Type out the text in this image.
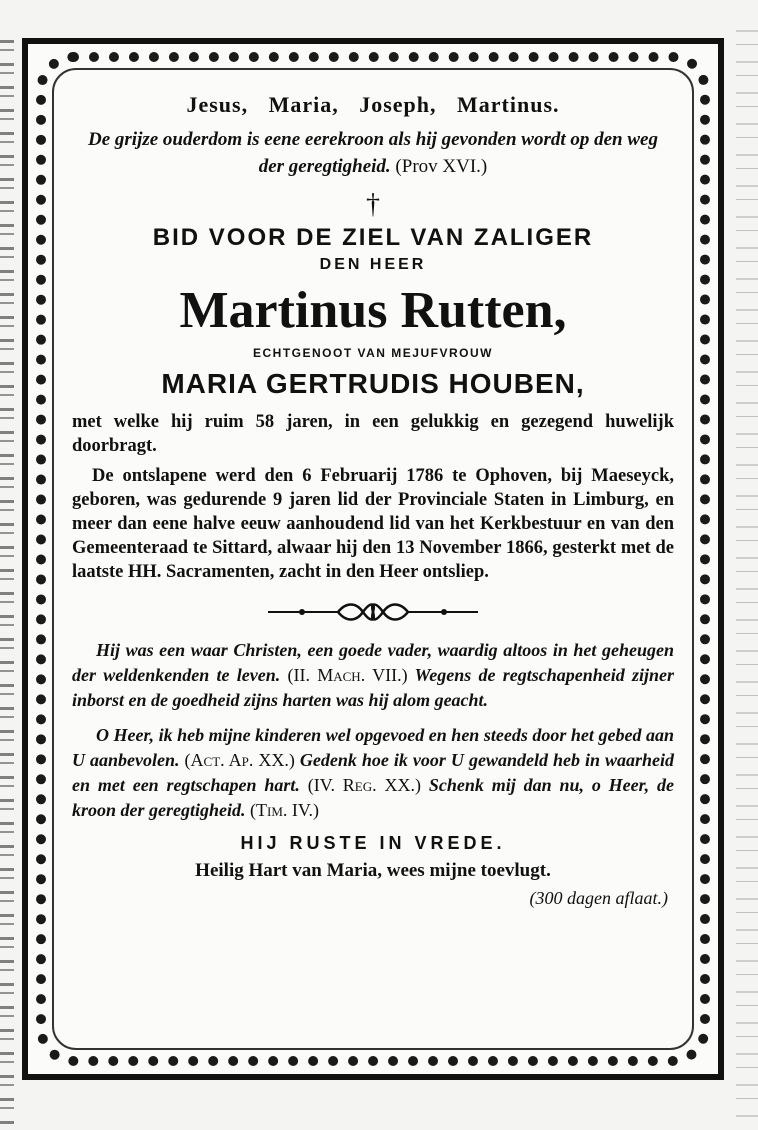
Jesus, Maria, Joseph, Martinus.
De grijze ouderdom is eene eerekroon als hij gevonden wordt op den weg der geregtigheid. (Prov XVI.)
†
BID VOOR DE ZIEL VAN ZALIGER
DEN HEER
Martinus Rutten,
ECHTGENOOT VAN MEJUFVROUW
MARIA GERTRUDIS HOUBEN,

met welke hij ruim 58 jaren, in een gelukkig en gezegend huwelijk doorbragt.

De ontslapene werd den 6 Februarij 1786 te Ophoven, bij Maeseyck, geboren, was gedurende 9 jaren lid der Provinciale Staten in Limburg, en meer dan eene halve eeuw aanhoudend lid van het Kerkbestuur en van den Gemeenteraad te Sittard, alwaar hij den 13 November 1866, gesterkt met de laatste HH. Sacramenten, zacht in den Heer ontsliep.

Hij was een waar Christen, een goede vader, waardig altoos in het geheugen der weldenkenden te leven. (II. Mach. VII.) Wegens de regtschapenheid zijner inborst en de goedheid zijns harten was hij alom geacht.

O Heer, ik heb mijne kinderen wel opgevoed en hen steeds door het gebed aan U aanbevolen. (Act. Ap. XX.) Gedenk hoe ik voor U gewandeld heb in waarheid en met een regtschapen hart. (IV. Reg. XX.) Schenk mij dan nu, o Heer, de kroon der geregtigheid. (Tim. IV.)

HIJ RUSTE IN VREDE.
Heilig Hart van Maria, wees mijne toevlugt.
(300 dagen aflaat.)
